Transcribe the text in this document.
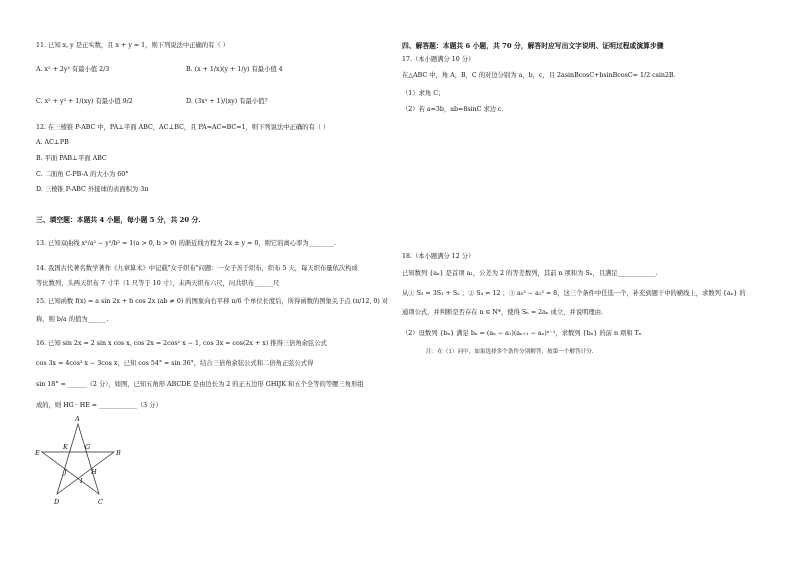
11. 已知 x, y 是正实数，且 x + y = 1，则下列说法中正确的有（ ）
A. x² + 2y² 有最小值 2/3	B. (x + 1/x)(y + 1/y) 有最小值 4
C. x² + y² + 1/(xy) 有最小值 9/2	D. (3x² + 1)/(xy) 有最小值？
12. 在三棱锥 P-ABC 中，PA⊥平面 ABC，AC⊥BC，且 PA=AC=BC=1，则下列说法中正确的有（ ）
A. AC⊥PB
B. 平面 PAB⊥平面 ABC
C. 二面角 C-PB-A 的大小为 60°
D. 三棱锥 P-ABC 外接球的表面积为 3π
三、填空题：本题共 4 小题，每小题 5 分，共 20 分.
13. 已知双曲线 x²/a² − y²/b² = 1(a > 0, b > 0) 的渐近线方程为 2x ± y = 0，则它的离心率为________.
14. 我国古代著名数学著作《九章算术》中记载"女子织布"问题：一女子善于织布，织布 5 天，每天织布量依次构成
等比数列，头两天织布 7 寸半（1 尺等于 10 寸），末两天织布六尺，问共织布______尺
15. 已知函数 f(x) = a sin 2x + b cos 2x (ab ≠ 0) 的图象向右平移 π/6 个单位长度后，所得函数的图象关于点 (π/12, 0) 对
称，则 b/a 的值为______.
16. 已知 sin 2x = 2 sin x cos x, cos 2x = 2cos² x − 1, cos 3x = cos(2x + x) 推得三倍角余弦公式
cos 3x = 4cos³ x − 3cos x，已知 cos 54° = sin 36°，结合三倍角余弦公式和二倍角正弦公式得
sin 18° = ______（2 分），如图，已知五角形 ABCDE 是由边长为 2 的正五边形 GHIJK 和五个全等的等腰三角形组
成的，则 HG · HE = ____________（3 分）
A
B
C
D
E
G
H
I
J
K
四、解答题：本题共 6 小题，共 70 分，解答时应写出文字说明、证明过程或演算步骤
17.（本小题满分 10 分）
在△ABC 中，角 A，B，C 的对边分别为 a，b，c，且 2asinBcosC+bsinBcosC= 1/2 csin2B.
（1）求角 C；
（2）若 a=3b，ab=8sinC 求边 c.
18.（本小题满分 12 分）
已知数列 {aₙ} 是首项 a₁，公差为 2 的等差数列，其前 n 项和为 Sₙ，且满足____________.
从① S₃ = 3S₁ + S₂ ；② S₄ = 12 ；③ a₅² − a₁² = 8，这三个条件中任选一个，补充到题干中的横线上，求数列 {aₙ} 的
通项公式，并判断是否存在 n ∈ N*，使得 Sₙ = 2aₙ 成立，并说明理由.
（2）设数列 {bₙ} 满足 bₙ = (aₙ − a₁)(aₙ₊₁ − aₙ)ⁿ⁻¹，求数列 {bₙ} 的前 n 项和 Tₙ
注：在（1）问中，如果选择多个条件分别解答，按第一个解答计分.
